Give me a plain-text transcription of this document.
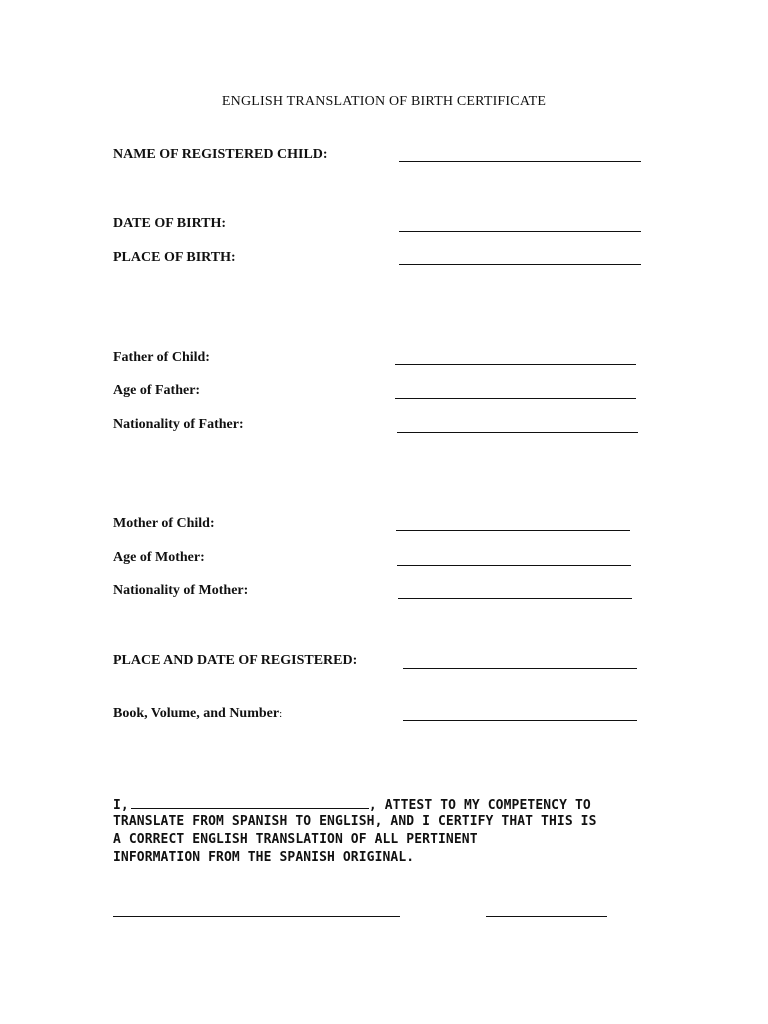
ENGLISH TRANSLATION OF BIRTH CERTIFICATE
NAME OF REGISTERED CHILD:
DATE OF BIRTH:
PLACE OF BIRTH:
Father of Child:
Age of Father:
Nationality of Father:
Mother of Child:
Age of Mother:
Nationality of Mother:
PLACE AND DATE OF REGISTERED:
Book, Volume, and Number:
I,	, ATTEST TO MY COMPETENCY TO
TRANSLATE FROM SPANISH TO ENGLISH, AND I CERTIFY THAT THIS IS
A CORRECT ENGLISH TRANSLATION OF ALL PERTINENT
INFORMATION FROM THE SPANISH ORIGINAL.
